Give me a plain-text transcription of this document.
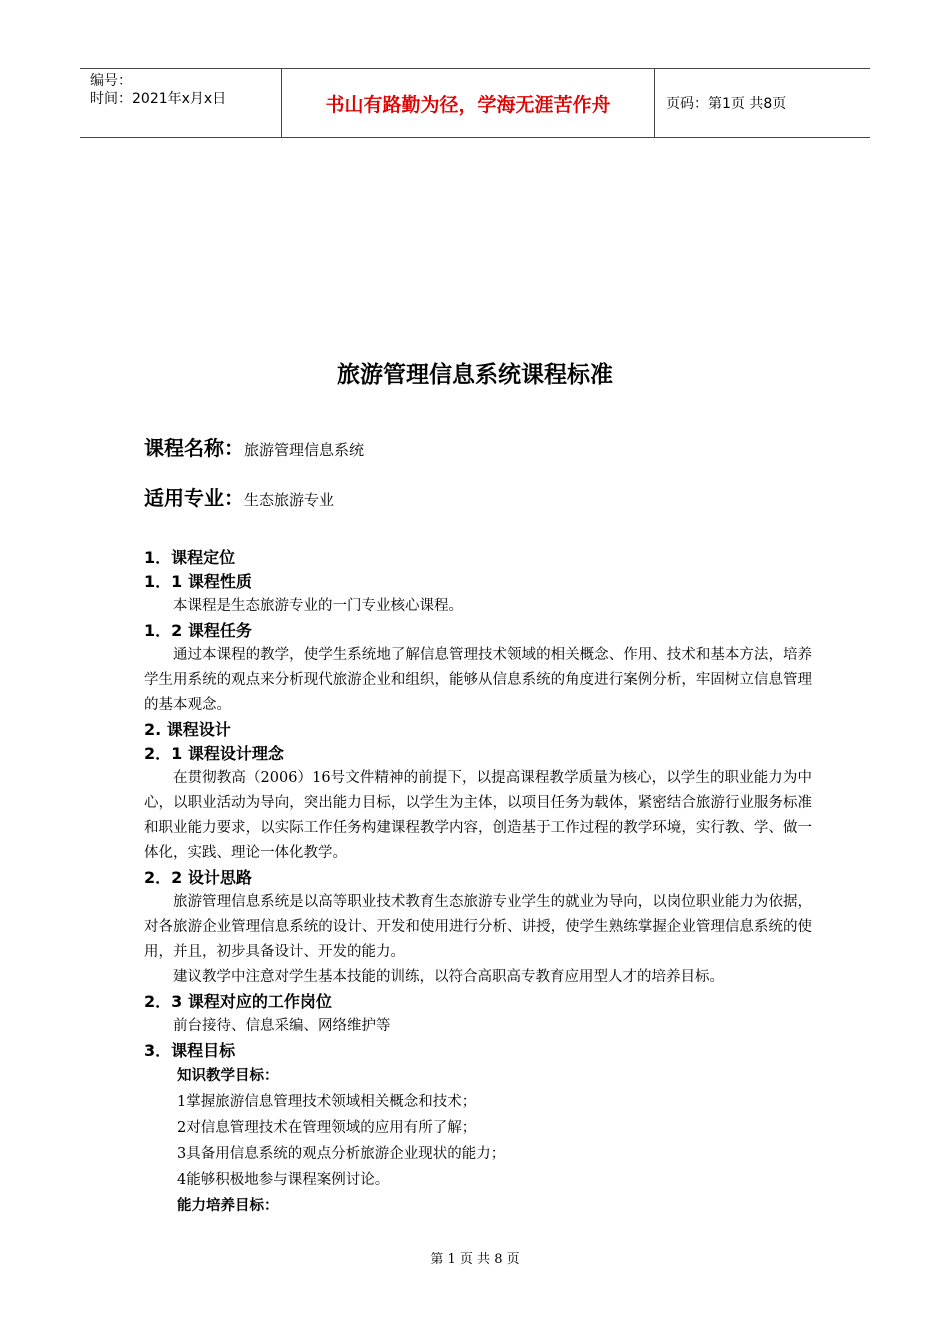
编号：
时间：2021年x月x日	书山有路勤为径，学海无涯苦作舟	页码：第1页 共8页
旅游管理信息系统课程标准
课程名称：旅游管理信息系统
适用专业：生态旅游专业

1．课程定位

1．1 课程性质

本课程是生态旅游专业的一门专业核心课程。

1．2 课程任务

通过本课程的教学，使学生系统地了解信息管理技术领域的相关概念、作用、技术和基本方法，培养学生用系统的观点来分析现代旅游企业和组织，能够从信息系统的角度进行案例分析，牢固树立信息管理的基本观念。

2. 课程设计

2．1 课程设计理念

在贯彻教高（2006）16号文件精神的前提下，以提高课程教学质量为核心，以学生的职业能力为中心，以职业活动为导向，突出能力目标，以学生为主体，以项目任务为载体，紧密结合旅游行业服务标准和职业能力要求，以实际工作任务构建课程教学内容，创造基于工作过程的教学环境，实行教、学、做一体化，实践、理论一体化教学。

2．2 设计思路

旅游管理信息系统是以高等职业技术教育生态旅游专业学生的就业为导向，以岗位职业能力为依据，对各旅游企业管理信息系统的设计、开发和使用进行分析、讲授，使学生熟练掌握企业管理信息系统的使用，并且，初步具备设计、开发的能力。

建议教学中注意对学生基本技能的训练，以符合高职高专教育应用型人才的培养目标。

2．3 课程对应的工作岗位

前台接待、信息采编、网络维护等

3．课程目标

知识教学目标：

1掌握旅游信息管理技术领域相关概念和技术；

2对信息管理技术在管理领域的应用有所了解；

3具备用信息系统的观点分析旅游企业现状的能力；

4能够积极地参与课程案例讨论。

能力培养目标：

第 1 页 共 8 页
